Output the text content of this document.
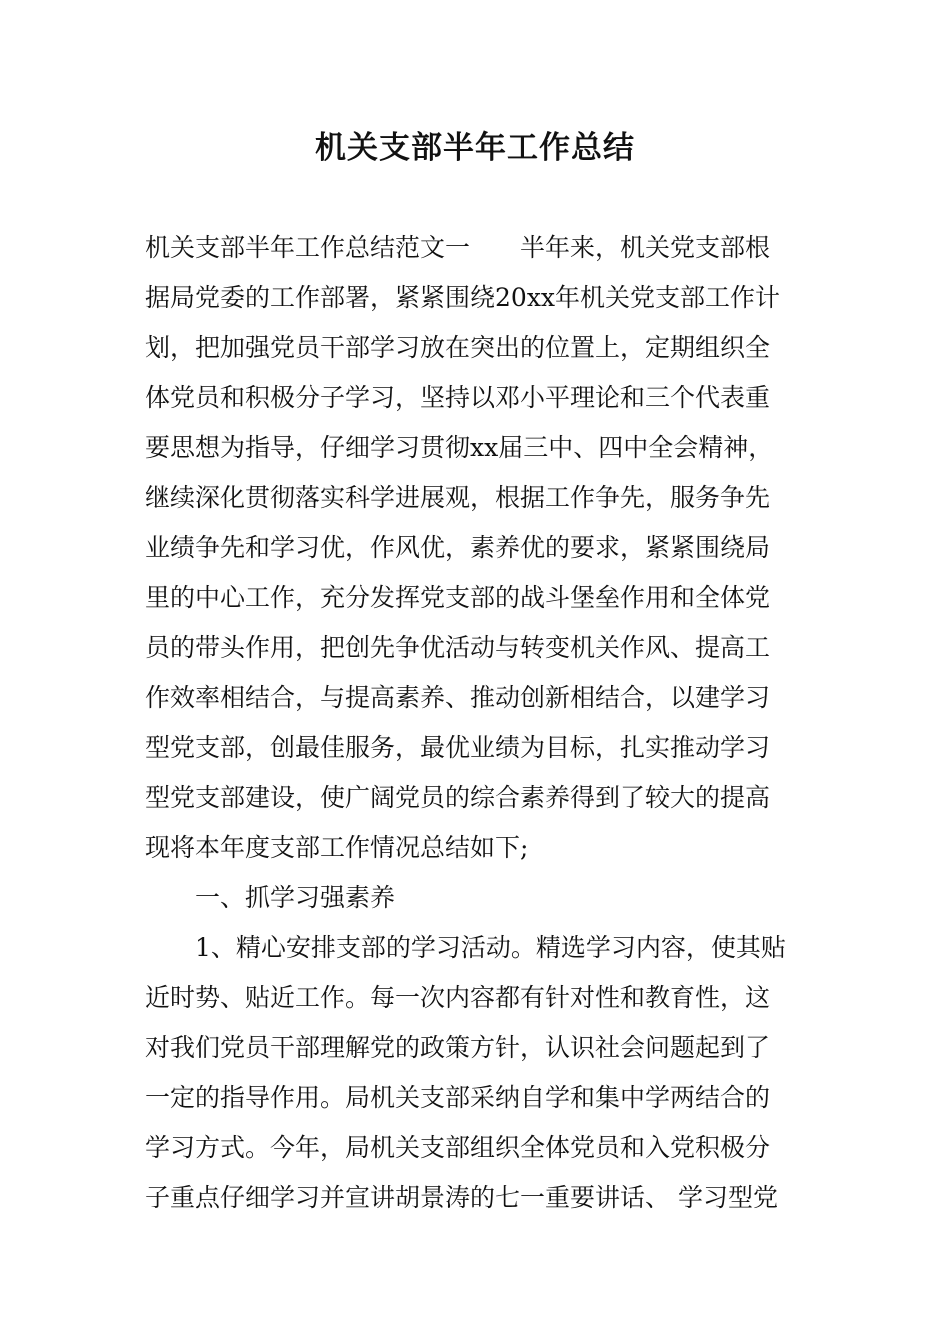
机关支部半年工作总结
机关支部半年工作总结范文一　　半年来，机关党支部根
据局党委的工作部署，紧紧围绕20xx年机关党支部工作计
划，把加强党员干部学习放在突出的位置上，定期组织全
体党员和积极分子学习，坚持以邓小平理论和三个代表重
要思想为指导，仔细学习贯彻xx届三中、四中全会精神，
继续深化贯彻落实科学进展观，根据工作争先，服务争先
业绩争先和学习优，作风优，素养优的要求，紧紧围绕局
里的中心工作，充分发挥党支部的战斗堡垒作用和全体党
员的带头作用，把创先争优活动与转变机关作风、提高工
作效率相结合，与提高素养、推动创新相结合，以建学习
型党支部，创最佳服务，最优业绩为目标，扎实推动学习
型党支部建设，使广阔党员的综合素养得到了较大的提高
现将本年度支部工作情况总结如下;
一、抓学习强素养
1、精心安排支部的学习活动。精选学习内容，使其贴
近时势、贴近工作。每一次内容都有针对性和教育性，这
对我们党员干部理解党的政策方针，认识社会问题起到了
一定的指导作用。局机关支部采纳自学和集中学两结合的
学习方式。今年，局机关支部组织全体党员和入党积极分
子重点仔细学习并宣讲胡景涛的七一重要讲话、 学习型党
